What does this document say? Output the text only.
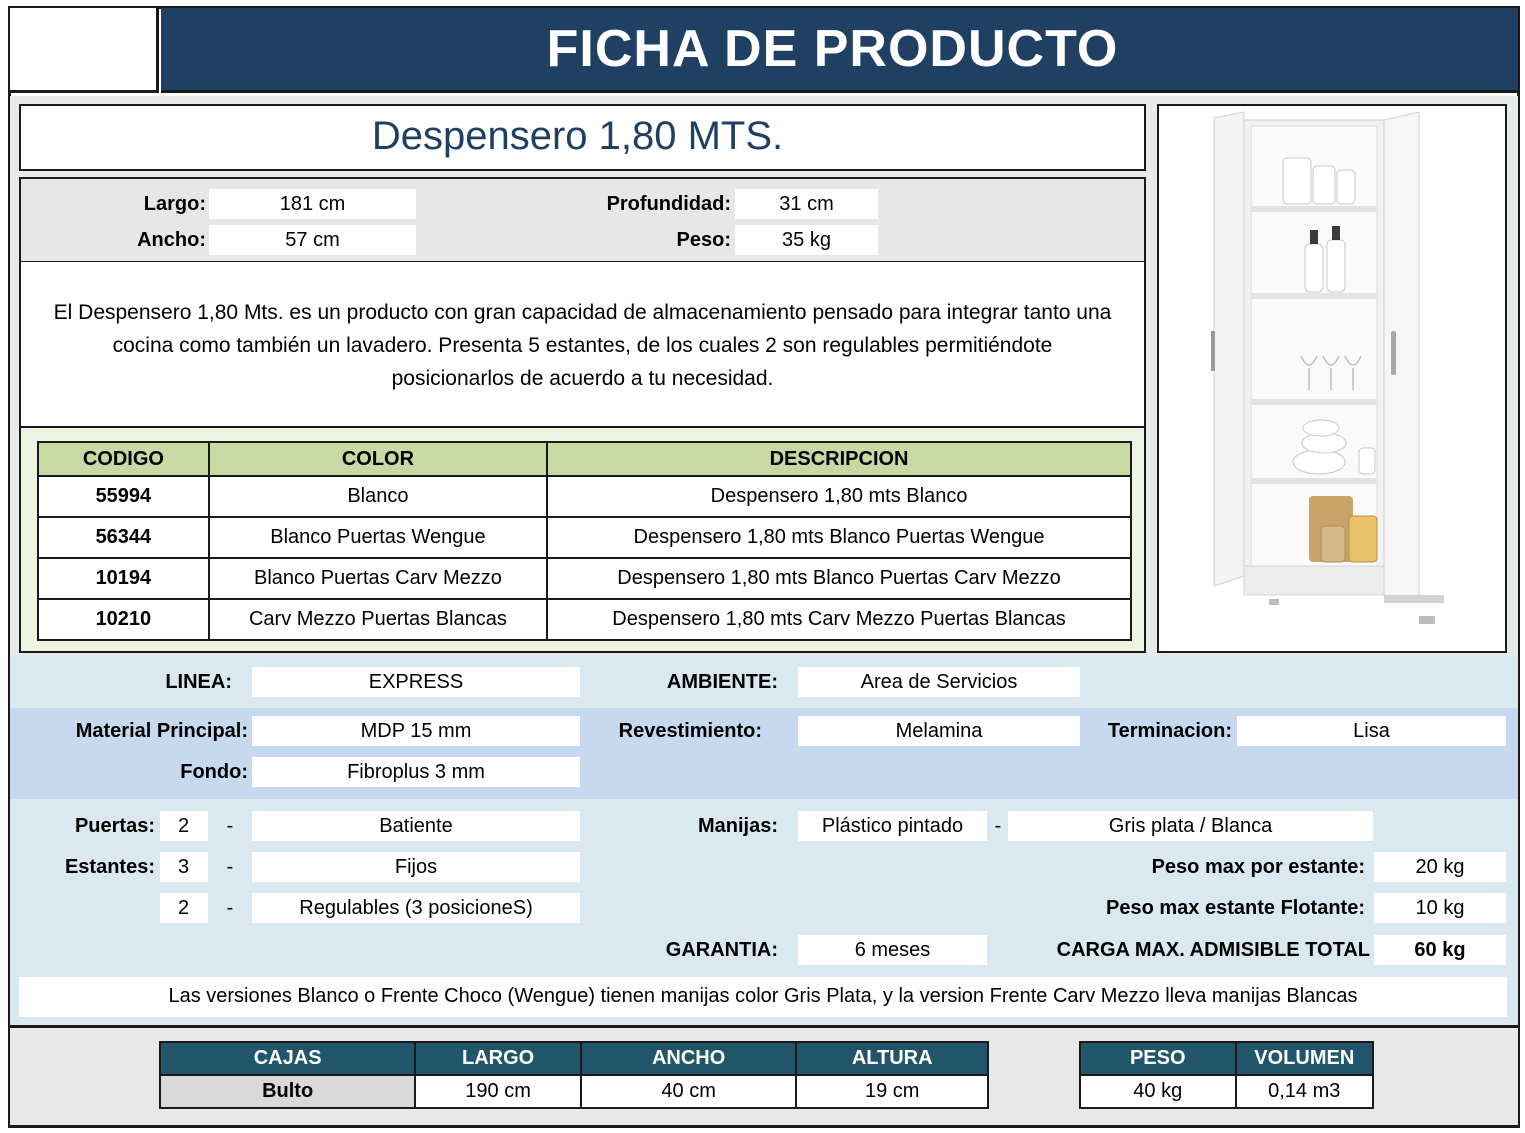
FICHA DE PRODUCTO
Despensero 1,80 MTS.
Largo:	181 cm
Ancho:	57 cm
Profundidad:	31 cm
Peso:	35 kg
El Despensero 1,80 Mts. es un producto con gran capacidad de almacenamiento pensado para integrar tanto una cocina como también un lavadero. Presenta 5 estantes, de los cuales 2 son regulables permitiéndote posicionarlos de acuerdo a tu necesidad.
CODIGO	COLOR	DESCRIPCION
55994	Blanco	Despensero 1,80 mts Blanco
56344	Blanco Puertas Wengue	Despensero 1,80 mts Blanco Puertas Wengue
10194	Blanco Puertas Carv Mezzo	Despensero 1,80 mts Blanco Puertas Carv Mezzo
10210	Carv Mezzo Puertas Blancas	Despensero 1,80 mts Carv Mezzo Puertas Blancas
LINEA:	EXPRESS	AMBIENTE:	Area de Servicios
Material Principal:	MDP 15 mm	Revestimiento:	Melamina	Terminacion:	Lisa
Fondo:	Fibroplus 3 mm
Puertas:	2	-	Batiente
Estantes:	3	-	Fijos
2	-	Regulables (3 posicioneS)
Manijas:	Plástico pintado	-	Gris plata / Blanca
Peso max por estante:	20 kg
Peso max estante Flotante:	10 kg
GARANTIA:	6 meses	CARGA MAX. ADMISIBLE TOTAL	60 kg
Las versiones Blanco o Frente Choco (Wengue) tienen manijas color Gris Plata, y la version Frente Carv Mezzo lleva manijas Blancas
CAJAS	LARGO	ANCHO	ALTURA
Bulto	190 cm	40 cm	19 cm
PESO	VOLUMEN
40 kg	0,14 m3
